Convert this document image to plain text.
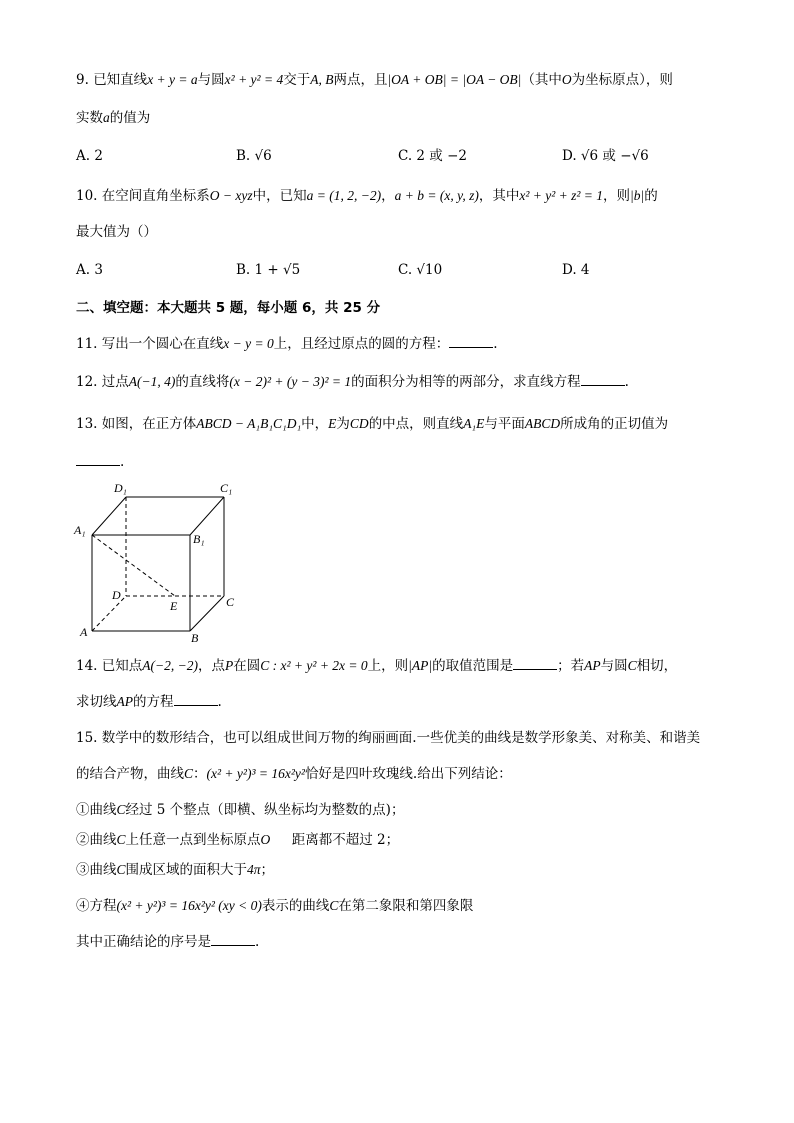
9. 已知直线x + y = a与圆x² + y² = 4交于A, B两点，且|OA + OB| = |OA − OB|（其中O为坐标原点），则
实数a的值为
A. 2	B. √6	C. 2 或 −2	D. √6 或 −√6
10. 在空间直角坐标系O − xyz中，已知a = (1, 2, −2)，a + b = (x, y, z)，其中x² + y² + z² = 1，则|b|的
最大值为（）
A. 3	B. 1 + √5	C. √10	D. 4
二、填空题：本大题共 5 题，每小题 6，共 25 分
11. 写出一个圆心在直线x − y = 0上，且经过原点的圆的方程：	.
12. 过点A(−1, 4)的直线将(x − 2)² + (y − 3)² = 1的面积分为相等的两部分，求直线方程	.
13. 如图，在正方体ABCD − A₁B₁C₁D₁中，E为CD的中点，则直线A₁E与平面ABCD所成角的正切值为
.
D₁	C₁
A₁
B₁
D	C
E
A	B
14. 已知点A(−2, −2)，点P在圆C : x² + y² + 2x = 0上，则|AP|的取值范围是	；若AP与圆C相切，
求切线AP的方程	.
15. 数学中的数形结合，也可以组成世间万物的绚丽画面.一些优美的曲线是数学形象美、对称美、和谐美
的结合产物，曲线C：(x² + y²)³ = 16x²y²恰好是四叶玫瑰线.给出下列结论：
①曲线C经过 5 个整点（即横、纵坐标均为整数的点)；
②曲线C上任意一点到坐标原点O 距离都不超过 2；
③曲线C围成区域的面积大于4π；
④方程(x² + y²)³ = 16x²y² (xy < 0)表示的曲线C在第二象限和第四象限
其中正确结论的序号是	.
